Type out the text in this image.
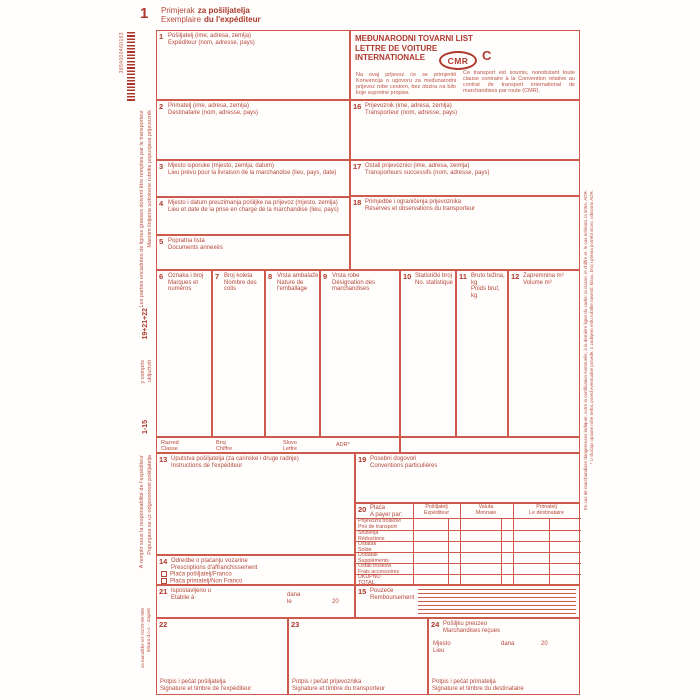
1 Primjerak za pošiljatelja
Exemplaire du l'expéditeur
3854000460163
Masnim linijama uokvirene rubrike popunjava prijevoznik
Les parties encadrées de lignes grasses doivent être remplies par le transporteur
19+21+22
uključivši
y compris
1-15
Popunjava se uz odgovornost pošiljatelja
A remplir sous la responsabilité de l'expéditeur
tiskara d.o.o. - Zagreb
za narudžbe tel: 01/29-06-086
* U slučaju opasne robe treba, pored eventualne potvrde, u zadnjem redu rubrike navesti: klasu, broj i prema potrebi slovo, odnosno ADR.
En cas de marchandises dangereuses indiquer, outre la certification éventuelle, à la dernière ligne du cadre: la classe, le chiffre et, le cas échéant, la lettre, ADR.
1 Pošiljatelj (ime, adresa, zemlja)
Expéditeur (nom, adresse, pays)	MEĐUNARODNI TOVARNI LIST
LETTRE DE VOITURE
INTERNATIONALE	CMR	C
Na ovaj prijevoz će se primjeniti Konvencija o ugovoru za međunarodni prijevoz robe cestom, bez obzira na bilo koje suprotne propise.
Ce transport est soumis, nonobstant toute clause contraire à la Convention relative au contrat de transport international de marchandises par route (CMR).
2 Primatelj (ime, adresa, zemlja)
Destinataire (nom, adresse, pays)
3 Mjesto isporuke (mjesto, zemlja, datum)
Lieu prévu pour la livraison de la marchandise (lieu, pays, date)
4 Mjesto i datum preuzimanja pošiljke na prijevoz (mjesto, zemlja)
Lieu et date de la prise en charge de la marchandise (lieu, pays)
5 Popratna lista
Documents annexés
16 Prijevoznik (ime, adresa, zemlja)
Transporteur (nom, adresse, pays)
17 Ostali prijevoznici (ime, adresa, zemlja)
Transporteurs successifs (nom, adresse, pays)
18 Primjedbe i ograničenja prijevoznika
Réserves et observations du transporteur
6 Oznaka i broj
Marques et numéros
7 Broj koleta
Nombre des colis
8 Vrsta ambalaže
Nature de l'emballage
9 Vrsta robe
Désignation des marchandises
10 Statistički broj
No. statistique
11 Bruto težina, kg
Poids brut, kg
12 Zapremnina m³
Volume m³
Razred
Classe
Broj
Chiffre
Slovo
Lettre
ADR*
13 Uputstva pošiljatelja (za carinske i druge radnje)
Instructions de l'expéditeur
19 Posebni dogovori
Conventions particulières
20 Plaća
A payer par:
Pošiljatelj
Expéditeur
Valuta
Monnaie
Primatelj
Le destinataire
Prijevozni troškovi
Prix de transport
Sniženja
Réductions
Ostatak
Solde
Dodatak
Suppléments
Ostali troškovi
Frais accessoires
UKUPNO
TOTAL
14 Odredbe o plaćanju vozarine
Prescriptions d'affranchissement
Plaća pošiljatelj/Franco
Plaća primatelj/Non Franco
21 Ispostavljeno u
Etablie à	dana
le	20
15 Pouzeće
Remboursement
22
Potpis i pečat pošiljatelja
Signature et timbre de l'expéditeur
23
Potpis i pečat prijevoznika
Signature et timbre du transporteur
24 Pošiljku preuzeo
Marchandises reçues
Mjesto
Lieu
dana	20
Potpis i pečat primatelja
Signature et timbre du destinataire
